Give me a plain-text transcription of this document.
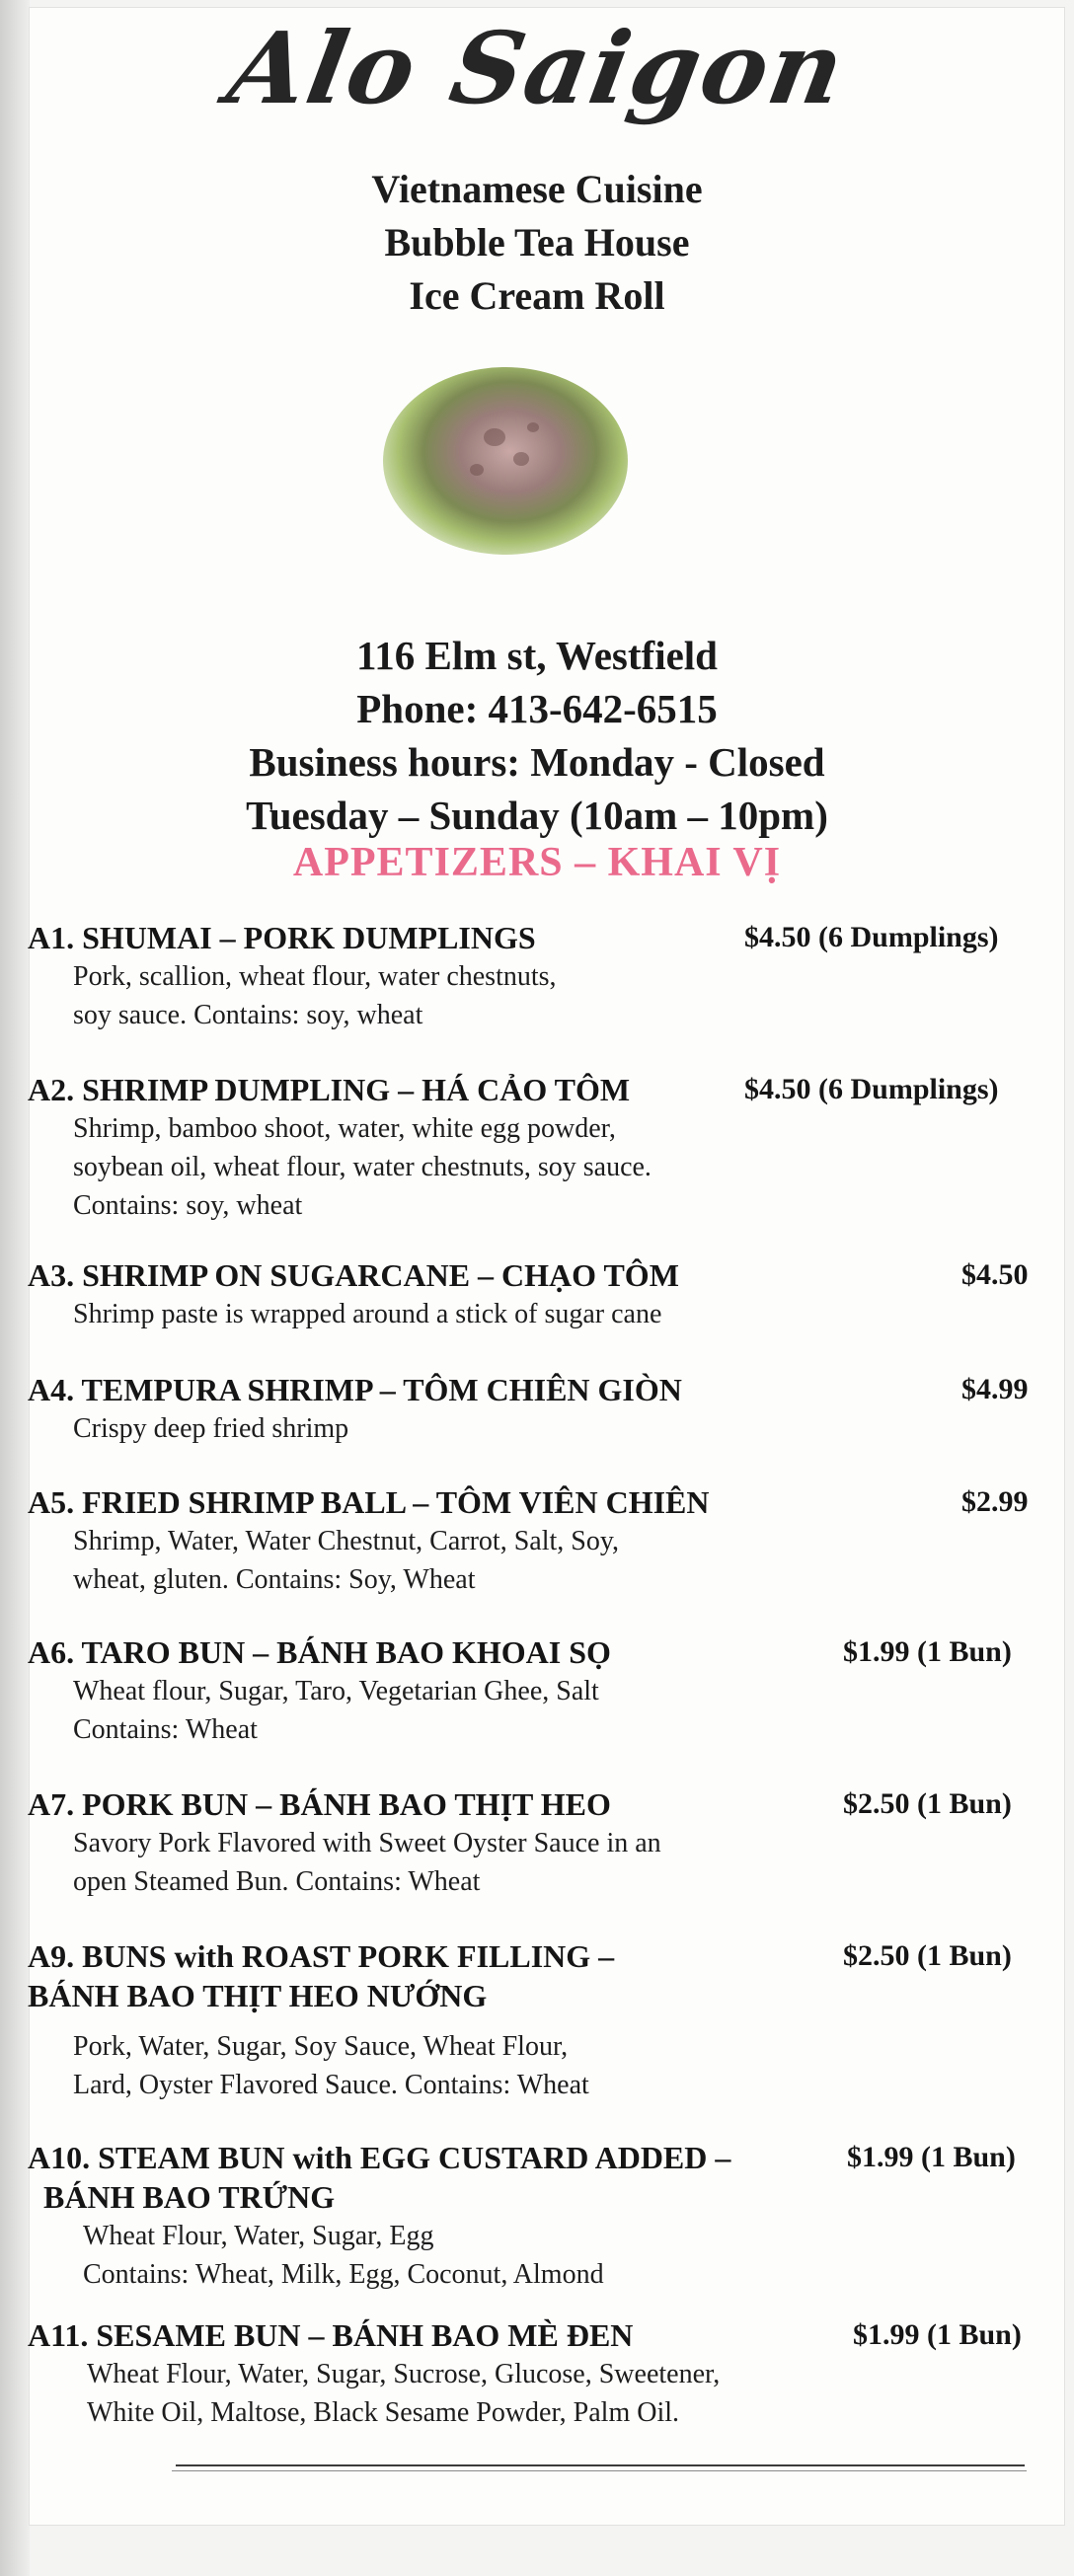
Alo Saigon
Vietnamese Cuisine
Bubble Tea House
Ice Cream Roll
116 Elm st, Westfield
Phone: 413-642-6515
Business hours: Monday - Closed
Tuesday – Sunday (10am – 10pm)
APPETIZERS – KHAI VỊ
A1. SHUMAI – PORK DUMPLINGS	$4.50 (6 Dumplings)
Pork, scallion, wheat flour, water chestnuts,
soy sauce. Contains: soy, wheat
A2. SHRIMP DUMPLING – HÁ CẢO TÔM	$4.50 (6 Dumplings)
Shrimp, bamboo shoot, water, white egg powder,
soybean oil, wheat flour, water chestnuts, soy sauce.
Contains: soy, wheat
A3. SHRIMP ON SUGARCANE – CHẠO TÔM	$4.50
Shrimp paste is wrapped around a stick of sugar cane
A4. TEMPURA SHRIMP – TÔM CHIÊN GIÒN	$4.99
Crispy deep fried shrimp
A5. FRIED SHRIMP BALL – TÔM VIÊN CHIÊN	$2.99
Shrimp, Water, Water Chestnut, Carrot, Salt, Soy,
wheat, gluten. Contains: Soy, Wheat
A6. TARO BUN – BÁNH BAO KHOAI SỌ	$1.99 (1 Bun)
Wheat flour, Sugar, Taro, Vegetarian Ghee, Salt
Contains: Wheat
A7. PORK BUN – BÁNH BAO THỊT HEO	$2.50 (1 Bun)
Savory Pork Flavored with Sweet Oyster Sauce in an
open Steamed Bun. Contains: Wheat
A9. BUNS with ROAST PORK FILLING –
BÁNH BAO THỊT HEO NƯỚNG
$2.50 (1 Bun)
Pork, Water, Sugar, Soy Sauce, Wheat Flour,
Lard, Oyster Flavored Sauce. Contains: Wheat
A10. STEAM BUN with EGG CUSTARD ADDED –
BÁNH BAO TRỨNG
$1.99 (1 Bun)
Wheat Flour, Water, Sugar, Egg
Contains: Wheat, Milk, Egg, Coconut, Almond
A11. SESAME BUN – BÁNH BAO MÈ ĐEN	$1.99 (1 Bun)
Wheat Flour, Water, Sugar, Sucrose, Glucose, Sweetener,
White Oil, Maltose, Black Sesame Powder, Palm Oil.
